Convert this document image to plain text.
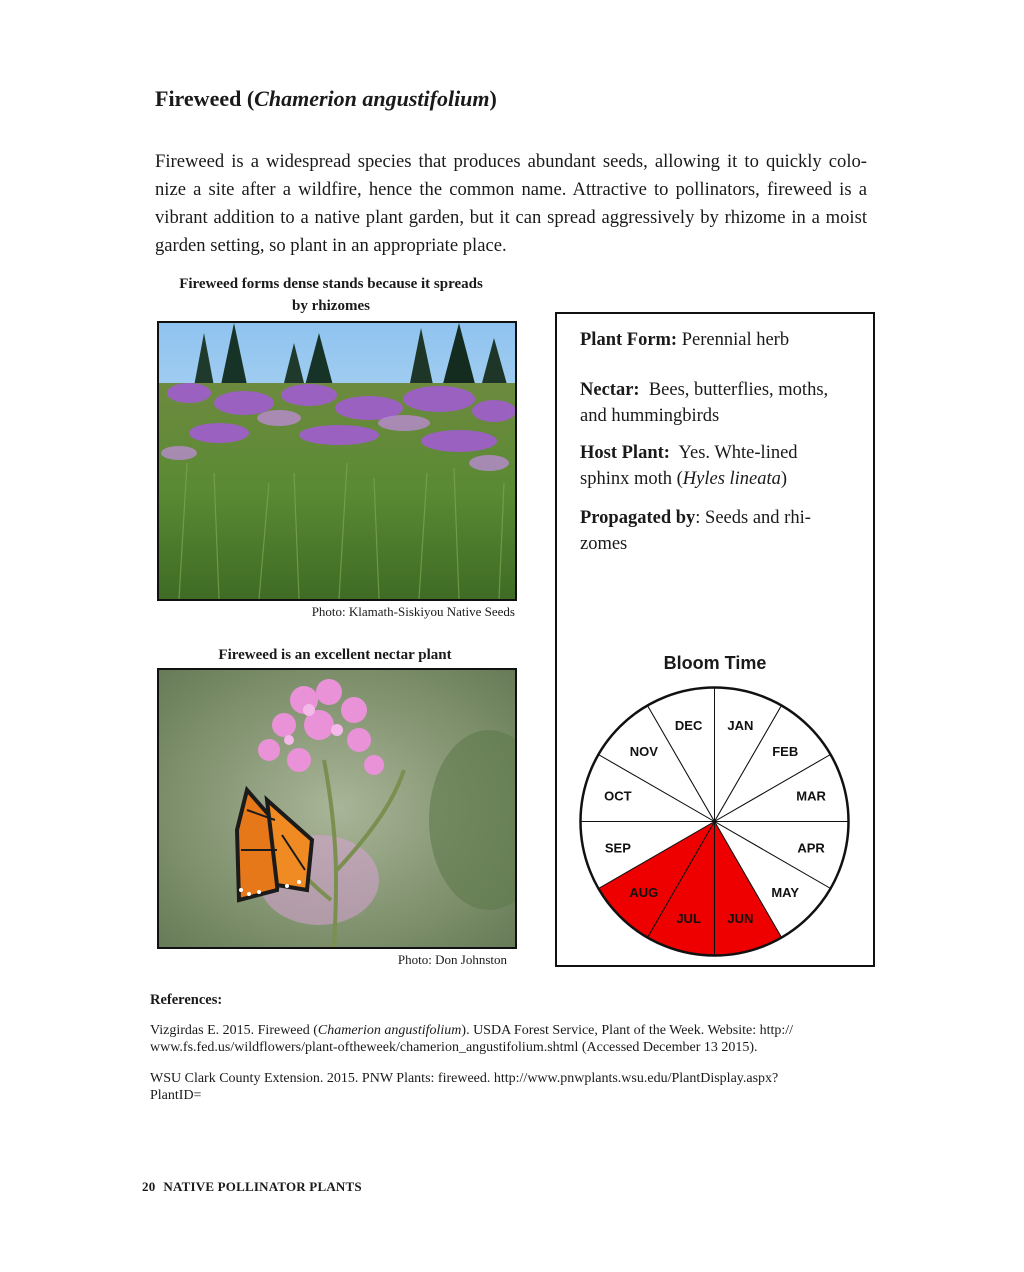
Fireweed (Chamerion angustifolium)

Fireweed is a widespread species that produces abundant seeds, allowing it to quickly colo- nize a site after a wildfire, hence the common name. Attractive to pollinators, fireweed is a vibrant addition to a native plant garden, but it can spread aggressively by rhizome in a moist garden setting, so plant in an appropriate place.

Fireweed forms dense stands because it spreads
by rhizomes
Photo: Klamath-Siskiyou Native Seeds
Fireweed is an excellent nectar plant
Photo: Don Johnston
Plant Form: Perennial herb
Nectar:  Bees, butterflies, moths,
and hummingbirds
Host Plant:  Yes. Whte-lined
sphinx moth (Hyles lineata)
Propagated by: Seeds and rhi-
zomes
Bloom Time
JAN
FEB
MAR
APR
MAY
JUN
JUL
AUG
SEP
OCT
NOV
DEC
References:
Vizgirdas E. 2015. Fireweed (Chamerion angustifolium). USDA Forest Service, Plant of the Week. Website: http://
www.fs.fed.us/wildflowers/plant-oftheweek/chamerion_angustifolium.shtml (Accessed December 13 2015).
WSU Clark County Extension. 2015. PNW Plants: fireweed. http://www.pnwplants.wsu.edu/PlantDisplay.aspx?
PlantID=
20 NATIVE POLLINATOR PLANTS
